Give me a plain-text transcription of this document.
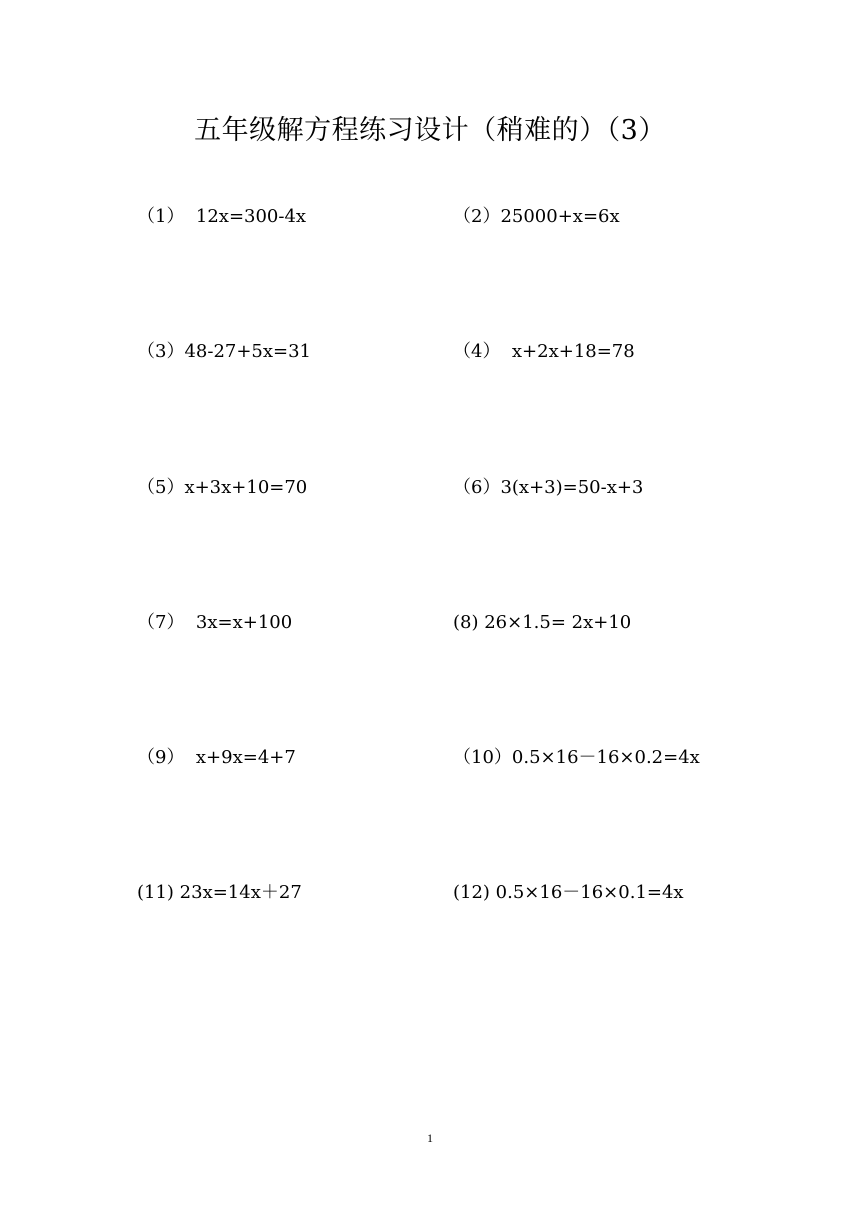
五年级解方程练习设计（稍难的）（3）
（1）  12x=300-4x	（2）25000+x=6x
（3）48-27+5x=31	（4）  x+2x+18=78
（5）x+3x+10=70	（6）3(x+3)=50-x+3
（7）  3x=x+100	(8) 26×1.5= 2x+10
（9）  x+9x=4+7	（10）0.5×16－16×0.2=4x
(11) 23x=14x＋27	(12) 0.5×16－16×0.1=4x
1
